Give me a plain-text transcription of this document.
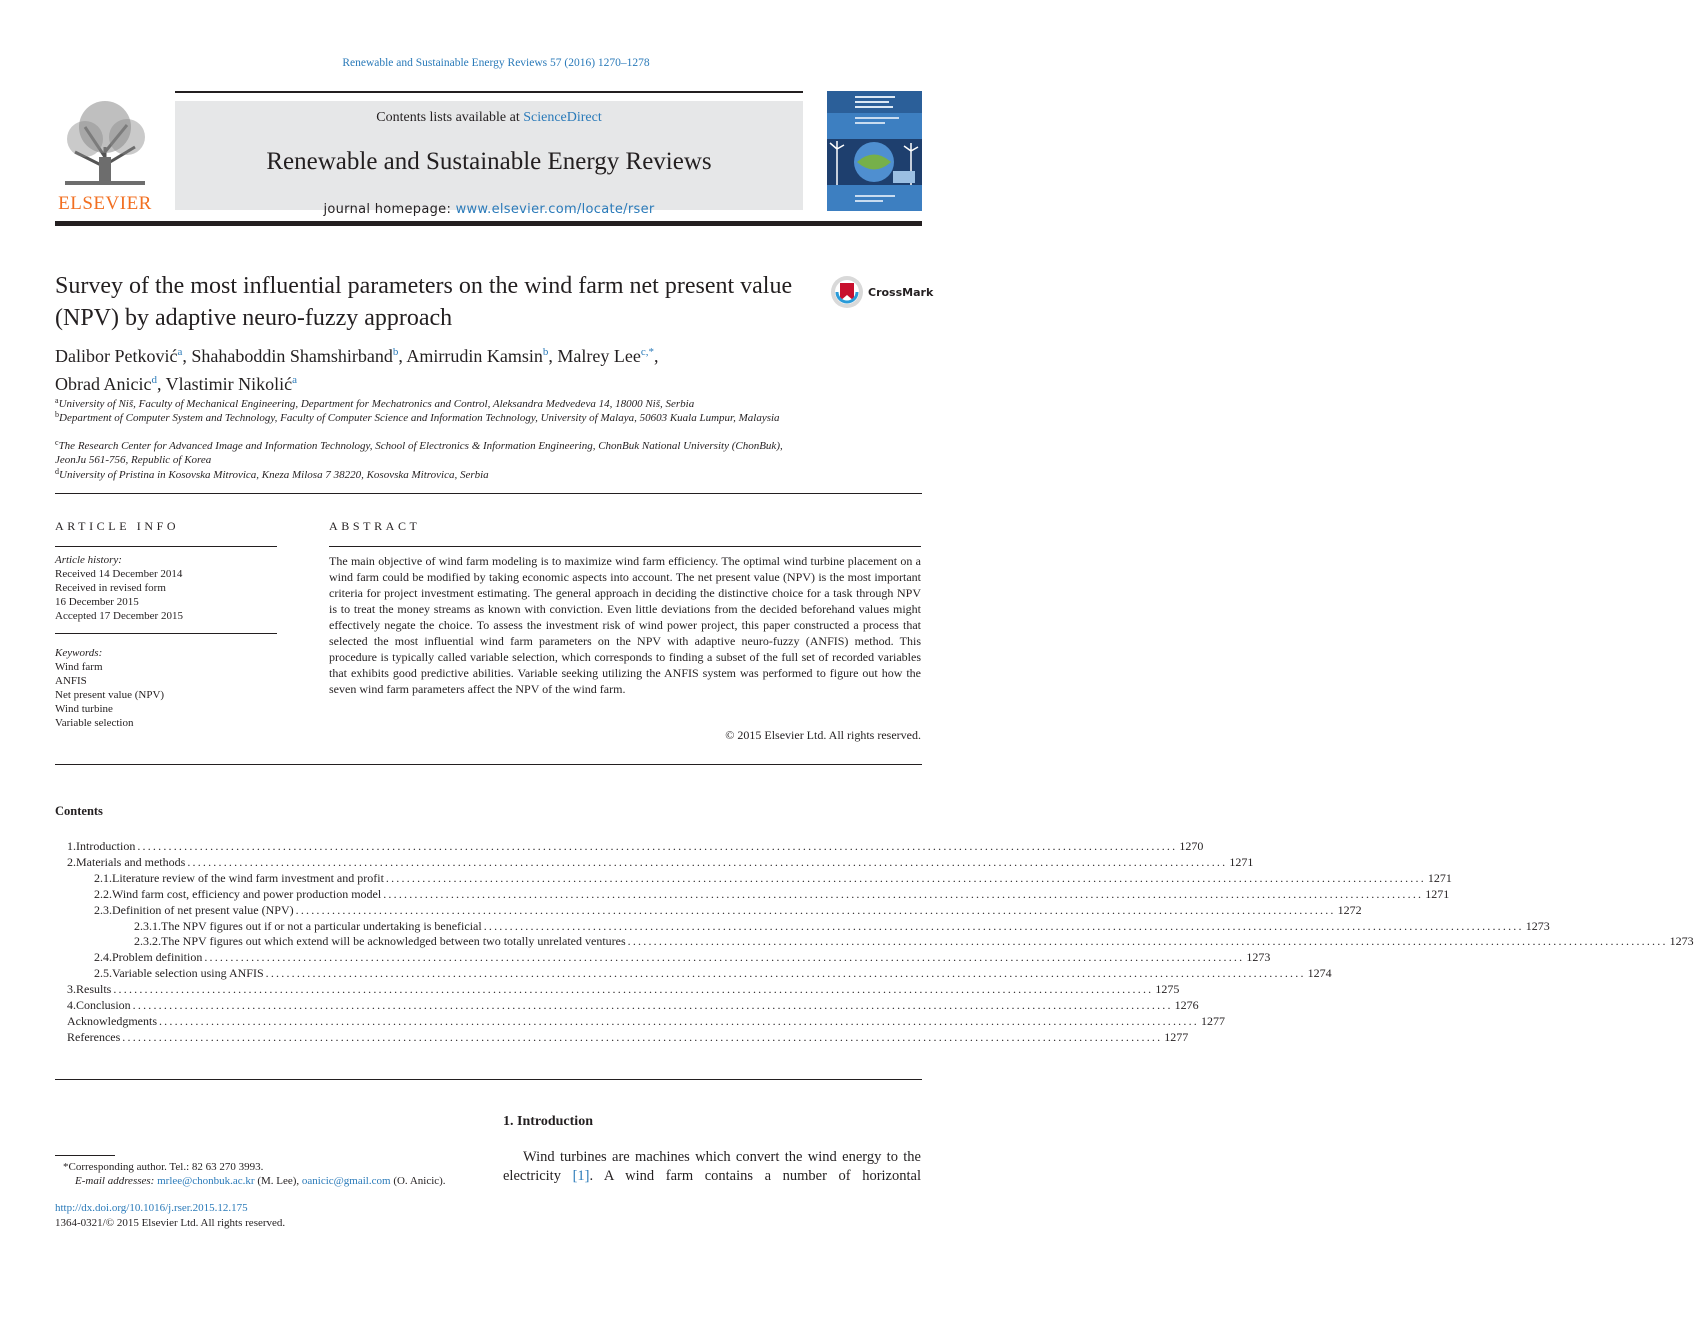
Renewable and Sustainable Energy Reviews 57 (2016) 1270–1278
ELSEVIER
Contents lists available at ScienceDirect
Renewable and Sustainable Energy Reviews
journal homepage: www.elsevier.com/locate/rser
Survey of the most influential parameters on the wind farm net present value (NPV) by adaptive neuro-fuzzy approach
CrossMark
Dalibor Petković$^a$, Shahaboddin Shamshirband$^b$, Amirrudin Kamsin$^b$, Malrey Lee$^{c,*}$,
Obrad Anicic$^d$, Vlastimir Nikolić$^a$
$^a$University of Niš, Faculty of Mechanical Engineering, Department for Mechatronics and Control, Aleksandra Medvedeva 14, 18000 Niš, Serbia
$^b$Department of Computer System and Technology, Faculty of Computer Science and Information Technology, University of Malaya, 50603 Kuala Lumpur, Malaysia
$^c$The Research Center for Advanced Image and Information Technology, School of Electronics & Information Engineering, ChonBuk National University (ChonBuk), JeonJu 561-756, Republic of Korea
$^d$University of Pristina in Kosovska Mitrovica, Kneza Milosa 7 38220, Kosovska Mitrovica, Serbia
ARTICLE INFO
Article history:
Received 14 December 2014
Received in revised form
16 December 2015
Accepted 17 December 2015
Keywords:
Wind farm
ANFIS
Net present value (NPV)
Wind turbine
Variable selection
ABSTRACT
The main objective of wind farm modeling is to maximize wind farm efficiency. The optimal wind turbine placement on a wind farm could be modified by taking economic aspects into account. The net present value (NPV) is the most important criteria for project investment estimating. The general approach in deciding the distinctive choice for a task through NPV is to treat the money streams as known with conviction. Even little deviations from the decided beforehand values might effectively negate the choice. To assess the investment risk of wind power project, this paper constructed a process that selected the most influential wind farm parameters on the NPV with adaptive neuro-fuzzy (ANFIS) method. This procedure is typically called variable selection, which corresponds to finding a subset of the full set of recorded variables that exhibits good predictive abilities. Variable seeking utilizing the ANFIS system was performed to figure out how the seven wind farm parameters affect the NPV of the wind farm.
© 2015 Elsevier Ltd. All rights reserved.
Contents
1. Introduction ........................................................................................................................................................................................................ 1270
2. Materials and methods ........................................................................................................................................................................................................ 1271
2.1. Literature review of the wind farm investment and profit ........................................................................................................................................................................................................ 1271
2.2. Wind farm cost, efficiency and power production model ........................................................................................................................................................................................................ 1271
2.3. Definition of net present value (NPV) ........................................................................................................................................................................................................ 1272
2.3.1. The NPV figures out if or not a particular undertaking is beneficial ........................................................................................................................................................................................................ 1273
2.3.2. The NPV figures out which extend will be acknowledged between two totally unrelated ventures ........................................................................................................................................................................................................ 1273
2.4. Problem definition ........................................................................................................................................................................................................ 1273
2.5. Variable selection using ANFIS ........................................................................................................................................................................................................ 1274
3. Results ........................................................................................................................................................................................................ 1275
4. Conclusion ........................................................................................................................................................................................................ 1276
Acknowledgments ........................................................................................................................................................................................................ 1277
References ........................................................................................................................................................................................................ 1277
*Corresponding author. Tel.: 82 63 270 3993.
E-mail addresses: mrlee@chonbuk.ac.kr (M. Lee), oanicic@gmail.com (O. Anicic).
http://dx.doi.org/10.1016/j.rser.2015.12.175
1364-0321/© 2015 Elsevier Ltd. All rights reserved.
1. Introduction
Wind turbines are machines which convert the wind energy to the electricity [1]. A wind farm contains a number of horizontal
